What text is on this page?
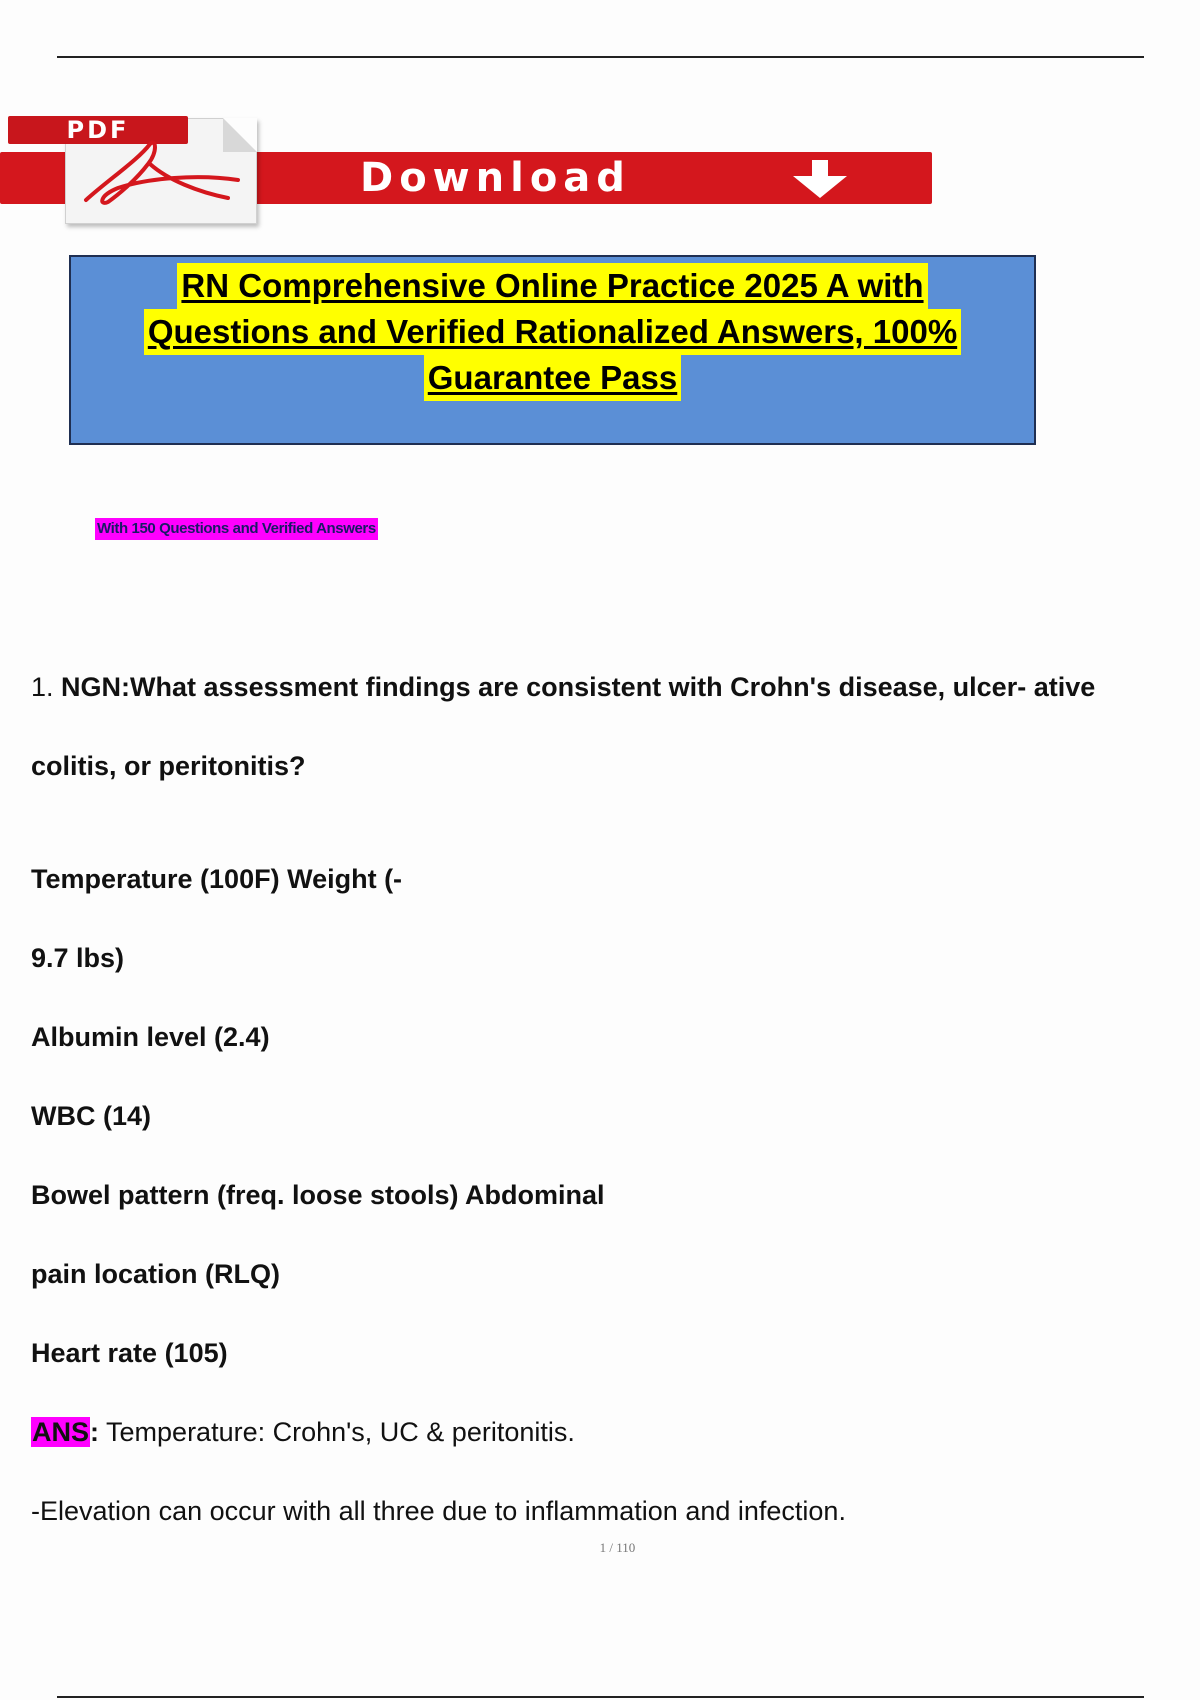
PDF
Download
RN Comprehensive Online Practice 2025 A with
Questions and Verified Rationalized Answers, 100%
Guarantee Pass
With 150 Questions and Verified Answers
1. NGN:What assessment findings are consistent with Crohn's disease, ulcer- ative
colitis, or peritonitis?
Temperature (100F) Weight (-
9.7 lbs)
Albumin level (2.4)
WBC (14)
Bowel pattern (freq. loose stools) Abdominal
pain location (RLQ)
Heart rate (105)
ANS: Temperature: Crohn's, UC & peritonitis.
-Elevation can occur with all three due to inflammation and infection.
1 / 110
